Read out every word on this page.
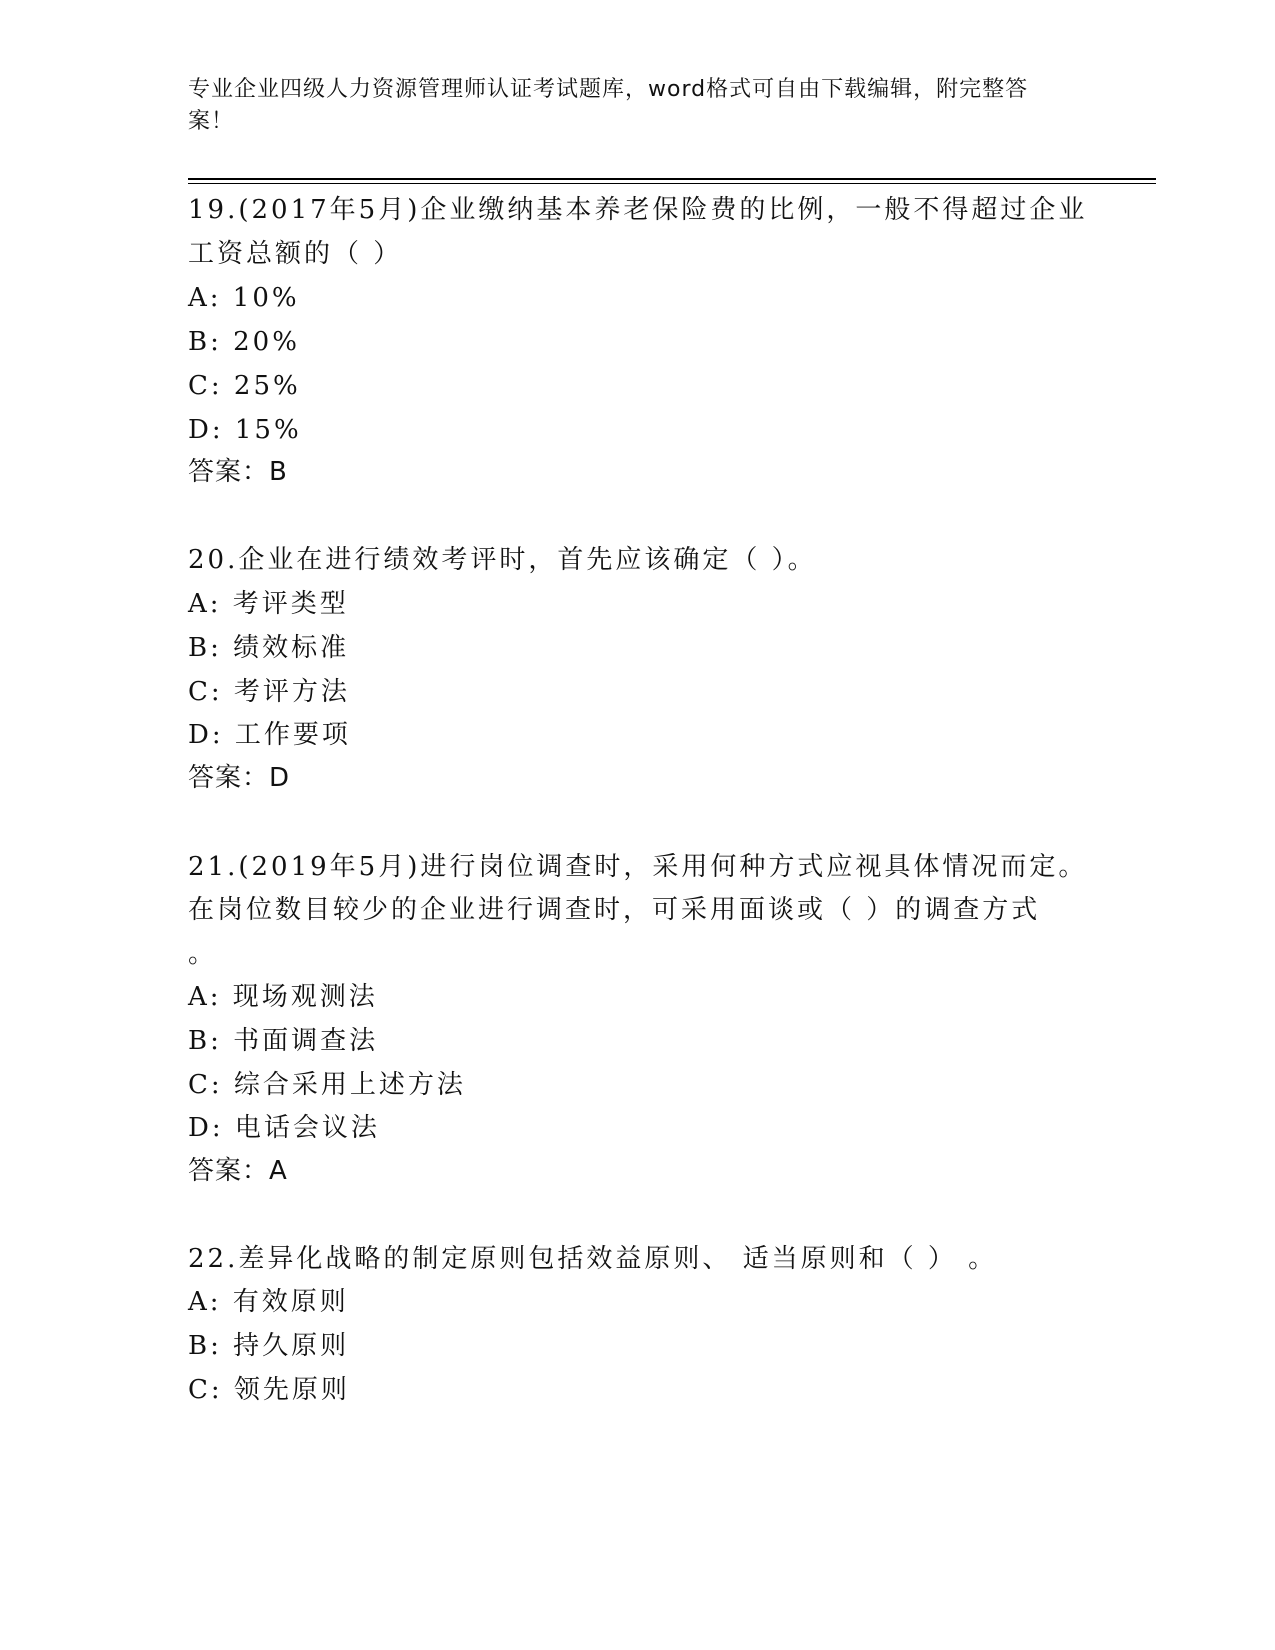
专业企业四级人力资源管理师认证考试题库，word格式可自由下载编辑，附完整答案！
19.(2017年5月)企业缴纳基本养老保险费的比例，一般不得超过企业
工资总额的（ ）
A: 10%
B: 20%
C: 25%
D: 15%
答案：B
20.企业在进行绩效考评时，首先应该确定（ ）。
A: 考评类型
B: 绩效标准
C: 考评方法
D: 工作要项
答案：D
21.(2019年5月)进行岗位调查时，采用何种方式应视具体情况而定。
在岗位数目较少的企业进行调查时，可采用面谈或（ ）的调查方式
。
A: 现场观测法
B: 书面调查法
C: 综合采用上述方法
D: 电话会议法
答案：A
22.差异化战略的制定原则包括效益原则、 适当原则和（ ） 。
A: 有效原则
B: 持久原则
C: 领先原则
